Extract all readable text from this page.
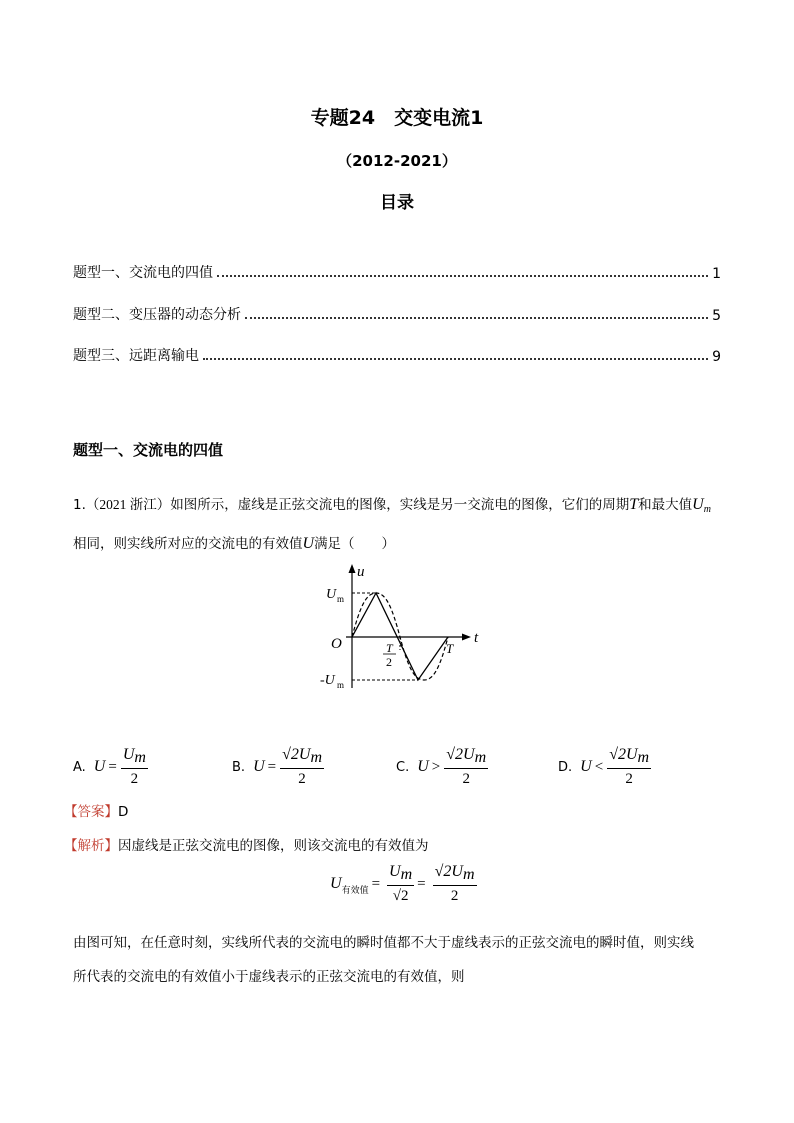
专题24　交变电流1
（2012-2021）
目录
题型一、交流电的四值	1
题型二、变压器的动态分析	5
题型三、远距离输电	9
题型一、交流电的四值
1.（2021 浙江）如图所示，虚线是正弦交流电的图像，实线是另一交流电的图像，它们的周期T和最大值$U_m$
相同，则实线所对应的交流电的有效值U满足（　　）
u
t
O
U m
-U m
T
2
T
A. $U = \frac{Um}{2}$	B. $U = \frac{√2Um}{2}$	C. $U > \frac{√2Um}{2}$	D. $U < \frac{√2Um}{2}$
【答案】D
【解析】因虚线是正弦交流电的图像，则该交流电的有效值为
U 有效值 = $\frac{Um}{√2} = \frac{√2Um}{2}$
由图可知，在任意时刻，实线所代表的交流电的瞬时值都不大于虚线表示的正弦交流电的瞬时值，则实线
所代表的交流电的有效值小于虚线表示的正弦交流电的有效值，则
